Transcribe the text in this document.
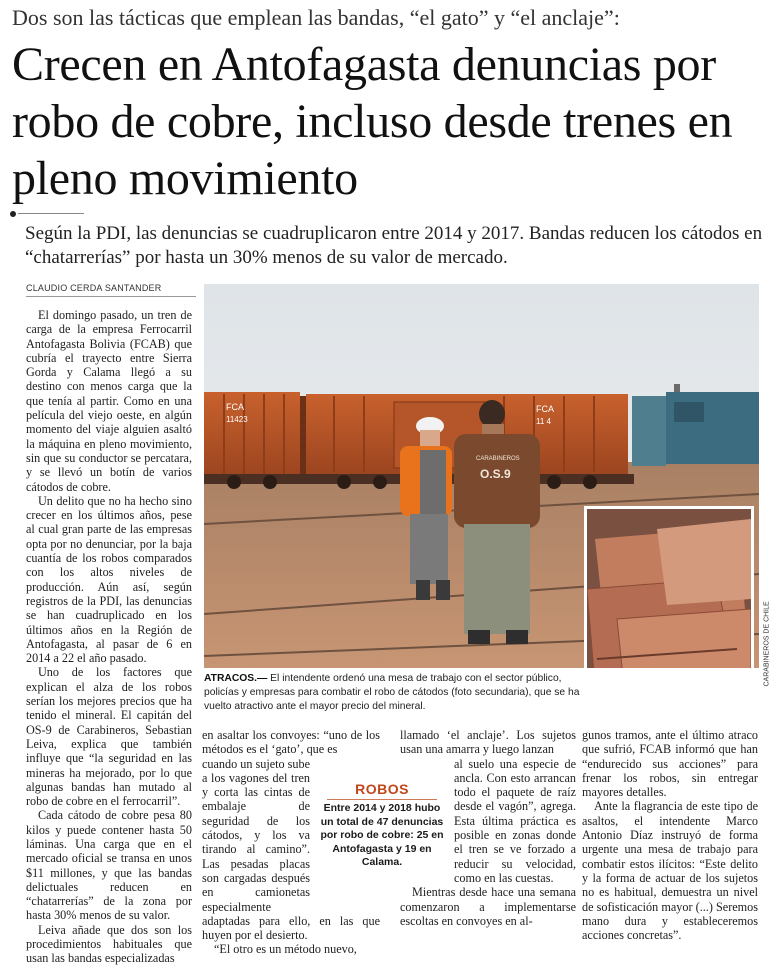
Dos son las tácticas que emplean las bandas, “el gato” y “el anclaje”:
Crecen en Antofagasta denuncias por robo de cobre, incluso desde trenes en pleno movimiento
Según la PDI, las denuncias se cuadruplicaron entre 2014 y 2017. Bandas reducen los cátodos en “chatarrerías” por hasta un 30% menos de su valor de mercado.
CLAUDIO CERDA SANTANDER

El domingo pasado, un tren de carga de la empresa Ferrocarril Antofagasta Bolivia (FCAB) que cubría el trayecto entre Sierra Gorda y Calama llegó a su destino con menos carga que la que tenía al partir. Como en una película del viejo oeste, en algún momento del viaje alguien asaltó la máquina en pleno movimiento, sin que su conductor se percatara, y se llevó un botín de varios cátodos de cobre.

Un delito que no ha hecho sino crecer en los últimos años, pese al cual gran parte de las empresas opta por no denunciar, por la baja cuantía de los robos comparados con los altos niveles de producción. Aún así, según registros de la PDI, las denuncias se han cuadruplicado en los últimos años en la Región de Antofagasta, al pasar de 6 en 2014 a 22 el año pasado.

Uno de los factores que explican el alza de los robos serían los mejores precios que ha tenido el mineral. El capitán del OS-9 de Carabineros, Sebastian Leiva, explica que también influye que “la seguridad en las mineras ha mejorado, por lo que algunas bandas han mutado al robo de cobre en el ferrocarril”.

Cada cátodo de cobre pesa 80 kilos y puede contener hasta 50 láminas. Una carga que en el mercado oficial se transa en unos $11 millones, y que las bandas delictuales reducen en “chatarrerías” de la zona por hasta 30% menos de su valor.

Leiva añade que dos son los procedimientos habituales que usan las bandas especializadas

FCA
11423
FCA
11 4
CARABINEROS
O.S.9
CARABINEROS DE CHILE
ATRACOS.— El intendente ordenó una mesa de trabajo con el sector público, policías y empresas para combatir el robo de cátodos (foto secundaria), que se ha vuelto atractivo ante el mayor precio del mineral.

en asaltar los convoyes: “uno de los métodos es el ‘gato’, que es

cuando un sujeto sube a los vagones del tren y corta las cintas de embalaje de seguridad de los cátodos, y los va tirando al camino”. Las pesadas placas son cargadas después en camionetas especialmente

adaptadas para ello, en las que huyen por el desierto.

“El otro es un método nuevo,

ROBOS
Entre 2014 y 2018 hubo un total de 47 denuncias por robo de cobre: 25 en Antofagasta y 19 en Calama.

llamado ‘el anclaje’. Los sujetos usan una amarra y luego lanzan

al suelo una especie de ancla. Con esto arrancan todo el paquete de raíz desde el vagón”, agrega. Esta última práctica es posible en zonas donde el tren se ve forzado a reducir su velocidad, como en las cuestas.

Mientras desde hace una semana comenzaron a implementarse escoltas en convoyes en al-

gunos tramos, ante el último atraco que sufrió, FCAB informó que han “endurecido sus acciones” para frenar los robos, sin entregar mayores detalles.

Ante la flagrancia de este tipo de asaltos, el intendente Marco Antonio Díaz instruyó de forma urgente una mesa de trabajo para combatir estos ilícitos: “Este delito y la forma de actuar de los sujetos no es habitual, demuestra un nivel de sofisticación mayor (...) Seremos mano dura y estableceremos acciones concretas”.
